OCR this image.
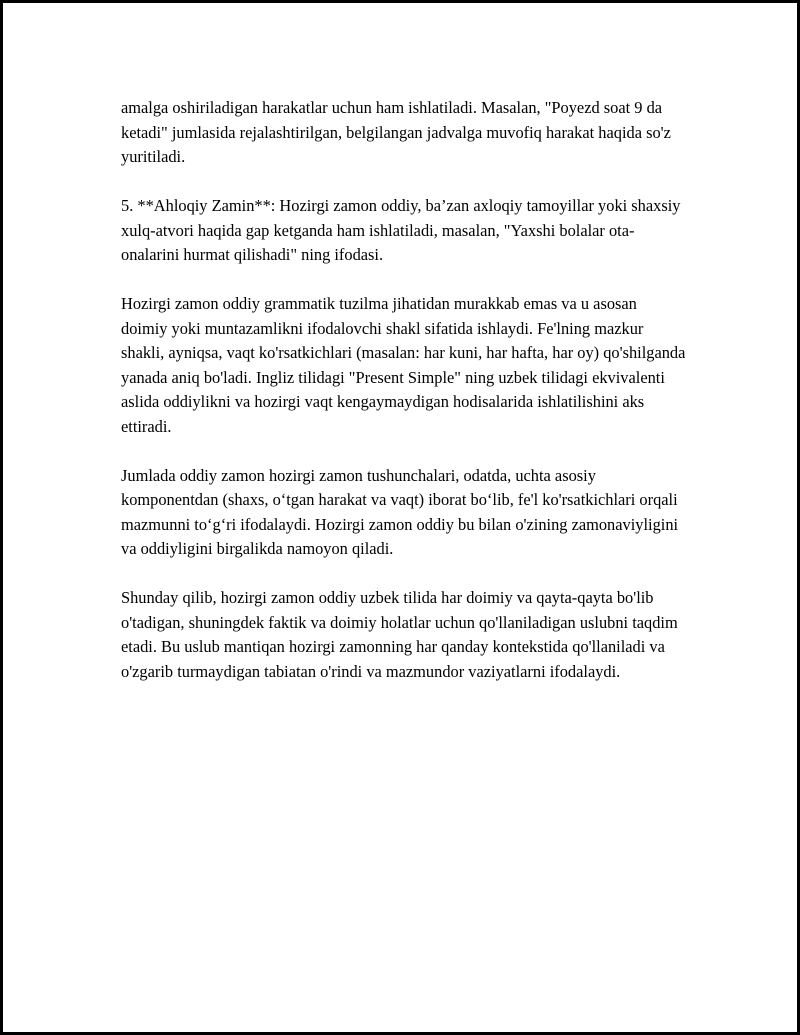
amalga oshiriladigan harakatlar uchun ham ishlatiladi. Masalan, "Poyezd soat 9 da ketadi" jumlasida rejalashtirilgan, belgilangan jadvalga muvofiq harakat haqida so'z yuritiladi.

5. **Ahloqiy Zamin**: Hozirgi zamon oddiy, ba’zan axloqiy tamoyillar yoki shaxsiy xulq-atvori haqida gap ketganda ham ishlatiladi, masalan, "Yaxshi bolalar ota-onalarini hurmat qilishadi" ning ifodasi.

Hozirgi zamon oddiy grammatik tuzilma jihatidan murakkab emas va u asosan doimiy yoki muntazamlikni ifodalovchi shakl sifatida ishlaydi. Fe'lning mazkur shakli, ayniqsa, vaqt ko'rsatkichlari (masalan: har kuni, har hafta, har oy) qo'shilganda yanada aniq bo'ladi. Ingliz tilidagi "Present Simple" ning uzbek tilidagi ekvivalenti aslida oddiylikni va hozirgi vaqt kengaymaydigan hodisalarida ishlatilishini aks ettiradi.

Jumlada oddiy zamon hozirgi zamon tushunchalari, odatda, uchta asosiy komponentdan (shaxs, o‘tgan harakat va vaqt) iborat bo‘lib, fe'l ko'rsatkichlari orqali mazmunni to‘g‘ri ifodalaydi. Hozirgi zamon oddiy bu bilan o'zining zamonaviyligini va oddiyligini birgalikda namoyon qiladi.

Shunday qilib, hozirgi zamon oddiy uzbek tilida har doimiy va qayta-qayta bo'lib o'tadigan, shuningdek faktik va doimiy holatlar uchun qo'llaniladigan uslubni taqdim etadi. Bu uslub mantiqan hozirgi zamonning har qanday kontekstida qo'llaniladi va o'zgarib turmaydigan tabiatan o'rindi va mazmundor vaziyatlarni ifodalaydi.
